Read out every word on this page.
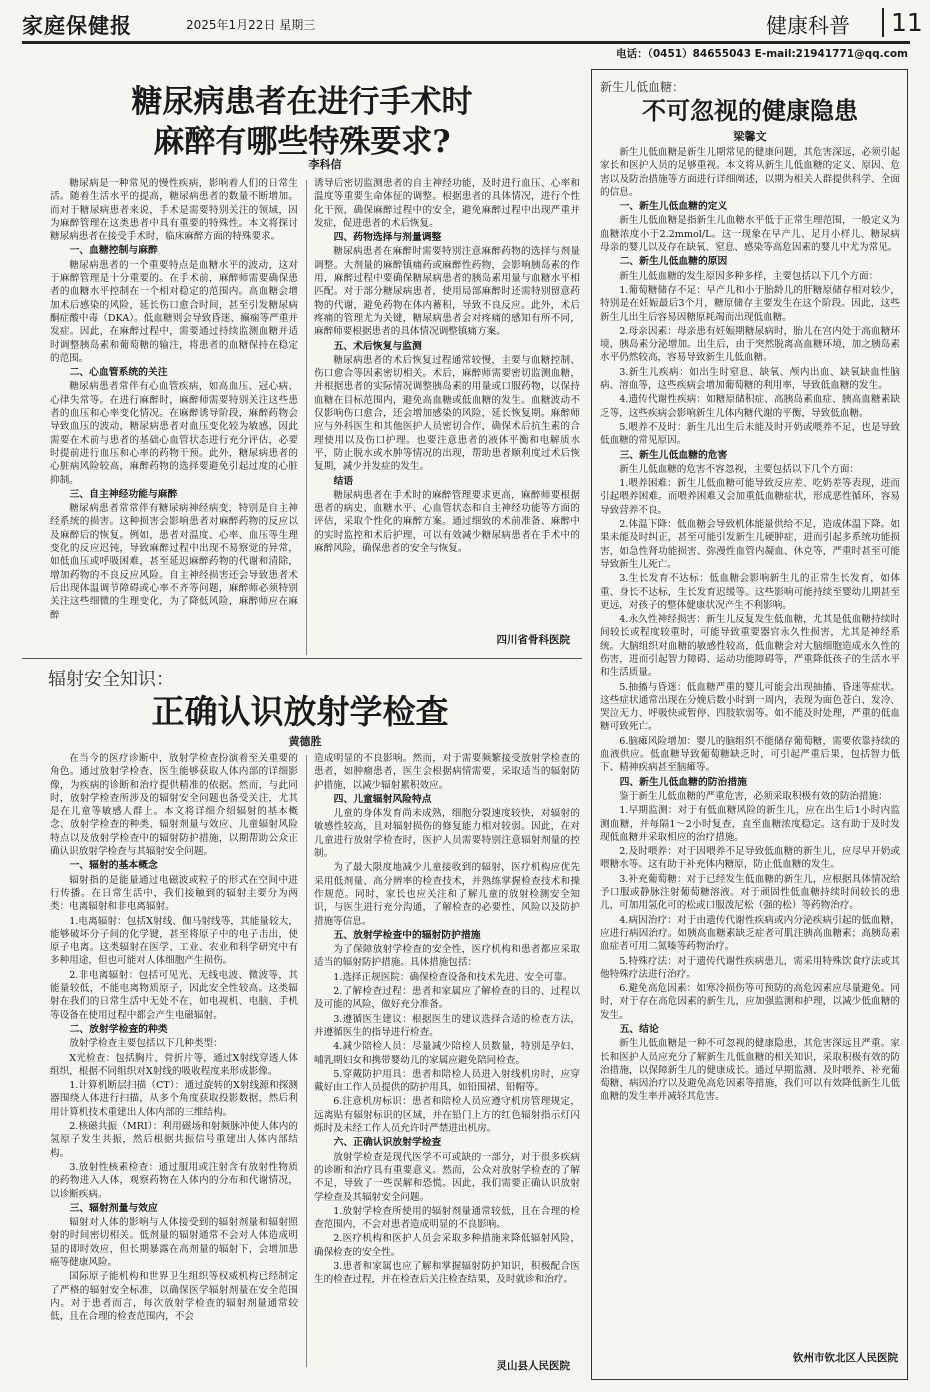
家庭保健报	2025年1月22日 星期三	健康科普	11
电话：（0451）84655043 E-mail:21941771@qq.com
糖尿病患者在进行手术时
麻醉有哪些特殊要求?
李科信

糖尿病是一种常见的慢性疾病，影响着人们的日常生活。随着生活水平的提高，糖尿病患者的数量不断增加。而对于糖尿病患者来说，手术是需要特别关注的领域，因为麻醉管理在这类患者中具有重要的特殊性。本文将探讨糖尿病患者在接受手术时，临床麻醉方面的特殊要求。

一、血糖控制与麻醉

糖尿病患者的一个重要特点是血糖水平的波动，这对于麻醉管理是十分重要的。在手术前，麻醉师需要确保患者的血糖水平控制在一个相对稳定的范围内。高血糖会增加术后感染的风险，延长伤口愈合时间，甚至引发糖尿病酮症酸中毒（DKA）。低血糖则会导致昏迷、癫痫等严重并发症。因此，在麻醉过程中，需要通过持续监测血糖并适时调整胰岛素和葡萄糖的输注，将患者的血糖保持在稳定的范围。

二、心血管系统的关注

糖尿病患者常伴有心血管疾病，如高血压、冠心病、心律失常等。在进行麻醉时，麻醉师需要特别关注这些患者的血压和心率变化情况。在麻醉诱导阶段，麻醉药物会导致血压的波动，糖尿病患者对血压变化较为敏感，因此需要在术前与患者的基础心血管状态进行充分评估，必要时提前进行血压和心率的药物干预。此外，糖尿病患者的心脏病风险较高，麻醉药物的选择要避免引起过度的心脏抑制。

三、自主神经功能与麻醉

糖尿病患者常常伴有糖尿病神经病变，特别是自主神经系统的损害。这种损害会影响患者对麻醉药物的反应以及麻醉后的恢复。例如，患者对温度、心率、血压等生理变化的反应迟钝，导致麻醉过程中出现不易察觉的异常，如低血压或呼吸困难，甚至延迟麻醉药物的代谢和清除，增加药物的不良反应风险。自主神经损害还会导致患者术后出现体温调节障碍或心率不齐等问题，麻醉师必须特别关注这些细微的生理变化，为了降低风险，麻醉师应在麻醉

诱导后密切监测患者的自主神经功能，及时进行血压、心率和温度等重要生命体征的调整。根据患者的具体情况，进行个性化干预，确保麻醉过程中的安全，避免麻醉过程中出现严重并发症，促进患者的术后恢复。

四、药物选择与剂量调整

糖尿病患者在麻醉时需要特别注意麻醉药物的选择与剂量调整。大剂量的麻醉镇痛药或麻醉性药物，会影响胰岛素的作用，麻醉过程中要确保糖尿病患者的胰岛素用量与血糖水平相匹配。对于部分糖尿病患者，使用局部麻醉时还需特别留意药物的代谢，避免药物在体内蓄积，导致不良反应。此外，术后疼痛的管理尤为关键，糖尿病患者会对疼痛的感知有所不同，麻醉师要根据患者的具体情况调整镇痛方案。

五、术后恢复与监测

糖尿病患者的术后恢复过程通常较慢，主要与血糖控制、伤口愈合等因素密切相关。术后，麻醉师需要密切监测血糖，并根据患者的实际情况调整胰岛素的用量或口服药物，以保持血糖在目标范围内，避免高血糖或低血糖的发生。血糖波动不仅影响伤口愈合，还会增加感染的风险，延长恢复期。麻醉师应与外科医生和其他医护人员密切合作，确保术后抗生素的合理使用以及伤口护理。也要注意患者的液体平衡和电解质水平，防止脱水或水肿等情况的出现，帮助患者顺利度过术后恢复期，减少并发症的发生。

结语

糖尿病患者在手术时的麻醉管理要求更高，麻醉师要根据患者的病史、血糖水平、心血管状态和自主神经功能等方面的评估，采取个性化的麻醉方案。通过细致的术前准备、麻醉中的实时监控和术后护理，可以有效减少糖尿病患者在手术中的麻醉风险，确保患者的安全与恢复。

四川省骨科医院
辐射安全知识：
正确认识放射学检查
黄德胜

在当今的医疗诊断中，放射学检查扮演着至关重要的角色。通过放射学检查，医生能够获取人体内部的详细影像，为疾病的诊断和治疗提供精准的依据。然而，与此同时，放射学检查所涉及的辐射安全问题也备受关注，尤其是在儿童等敏感人群上。本文将详细介绍辐射的基本概念、放射学检查的种类、辐射剂量与效应、儿童辐射风险特点以及放射学检查中的辐射防护措施，以期帮助公众正确认识放射学检查与其辐射安全问题。

一、辐射的基本概念

辐射指的是能量通过电磁波或粒子的形式在空间中进行传播。在日常生活中，我们接触到的辐射主要分为两类：电离辐射和非电离辐射。

1.电离辐射：包括X射线、伽马射线等，其能量较大，能够破坏分子间的化学键，甚至将原子中的电子击出，使原子电离。这类辐射在医学、工业、农业和科学研究中有多种用途，但也可能对人体细胞产生损伤。

2.非电离辐射：包括可见光、无线电波、微波等，其能量较低，不能电离物质原子，因此安全性较高。这类辐射在我们的日常生活中无处不在，如电视机、电脑、手机等设备在使用过程中都会产生电磁辐射。

二、放射学检查的种类

放射学检查主要包括以下几种类型：

X光检查：包括胸片、骨折片等，通过X射线穿透人体组织，根据不同组织对X射线的吸收程度来形成影像。

1.计算机断层扫描（CT）：通过旋转的X射线源和探测器围绕人体进行扫描，从多个角度获取投影数据，然后利用计算机技术重建出人体内部的三维结构。

2.核磁共振（MRI）：利用磁场和射频脉冲使人体内的氢原子发生共振，然后根据共振信号重建出人体内部结构。

3.放射性核素检查：通过服用或注射含有放射性物质的药物进入人体，观察药物在人体内的分布和代谢情况，以诊断疾病。

三、辐射剂量与效应

辐射对人体的影响与人体接受到的辐射剂量和辐射照射的时间密切相关。低剂量的辐射通常不会对人体造成明显的即时效应，但长期暴露在高剂量的辐射下，会增加患癌等健康风险。

国际原子能机构和世界卫生组织等权威机构已经制定了严格的辐射安全标准，以确保医学辐射剂量在安全范围内。对于患者而言，每次放射学检查的辐射剂量通常较低，且在合理的检查范围内，不会

造成明显的不良影响。然而，对于需要频繁接受放射学检查的患者，如肿瘤患者，医生会根据病情需要，采取适当的辐射防护措施，以减少辐射累积效应。

四、儿童辐射风险特点

儿童的身体发育尚未成熟，细胞分裂速度较快，对辐射的敏感性较高，且对辐射损伤的修复能力相对较弱。因此，在对儿童进行放射学检查时，医护人员需要特别注意辐射剂量的控制。

为了最大限度地减少儿童接收到的辐射，医疗机构应优先采用低剂量、高分辨率的检查技术，并熟练掌握检查技术和操作规范。同时，家长也应关注和了解儿童的放射检测安全知识，与医生进行充分沟通，了解检查的必要性、风险以及防护措施等信息。

五、放射学检查中的辐射防护措施

为了保障放射学检查的安全性，医疗机构和患者都应采取适当的辐射防护措施。具体措施包括：

1.选择正规医院：确保检查设备和技术先进、安全可靠。

2.了解检查过程：患者和家属应了解检查的目的、过程以及可能的风险，做好充分准备。

3.遵循医生建议：根据医生的建议选择合适的检查方法，并遵循医生的指导进行检查。

4.减少陪检人员：尽量减少陪检人员数量，特别是孕妇、哺乳期妇女和携带婴幼儿的家属应避免陪同检查。

5.穿戴防护用具：患者和陪检人员进入射线机房时，应穿戴好由工作人员提供的防护用具，如铅围裙、铅帽等。

6.注意机房标识：患者和陪检人员应遵守机房管理规定，远离贴有辐射标识的区域，并在铅门上方的红色辐射指示灯闪烁时及未经工作人员允许时严禁进出机房。

六、正确认识放射学检查

放射学检查是现代医学不可或缺的一部分，对于很多疾病的诊断和治疗具有重要意义。然而，公众对放射学检查的了解不足，导致了一些误解和恐慌。因此，我们需要正确认识放射学检查及其辐射安全问题。

1.放射学检查所使用的辐射剂量通常较低，且在合理的检查范围内，不会对患者造成明显的不良影响。

2.医疗机构和医护人员会采取多种措施来降低辐射风险，确保检查的安全性。

3.患者和家属也应了解和掌握辐射防护知识，积极配合医生的检查过程，并在检查后关注检查结果，及时就诊和治疗。

灵山县人民医院
新生儿低血糖：
不可忽视的健康隐患
梁馨文

新生儿低血糖是新生儿期常见的健康问题，其危害深远，必须引起家长和医护人员的足够重视。本文将从新生儿低血糖的定义、原因、危害以及防治措施等方面进行详细阐述，以期为相关人群提供科学、全面的信息。

一、新生儿低血糖的定义

新生儿低血糖是指新生儿血糖水平低于正常生理范围，一般定义为血糖浓度小于2.2mmol/L。这一现象在早产儿、足月小样儿、糖尿病母亲的婴儿以及存在缺氧、窒息、感染等高危因素的婴儿中尤为常见。

二、新生儿低血糖的原因

新生儿低血糖的发生原因多种多样，主要包括以下几个方面：

1.葡萄糖储存不足：早产儿和小于胎龄儿的肝糖原储存相对较少，特别是在妊娠最后3个月，糖原储存主要发生在这个阶段。因此，这些新生儿出生后容易因糖原耗竭而出现低血糖。

2.母亲因素：母亲患有妊娠期糖尿病时，胎儿在宫内处于高血糖环境，胰岛素分泌增加。出生后，由于突然脱离高血糖环境，加之胰岛素水平仍然较高，容易导致新生儿低血糖。

3.新生儿疾病：如出生时窒息、缺氧、颅内出血、缺氧缺血性脑病、溶血等，这些疾病会增加葡萄糖的利用率，导致低血糖的发生。

4.遗传代谢性疾病：如糖原储积症、高胰岛素血症、胰高血糖素缺乏等，这些疾病会影响新生儿体内糖代谢的平衡，导致低血糖。

5.喂养不及时：新生儿出生后未能及时开奶或喂养不足，也是导致低血糖的常见原因。

三、新生儿低血糖的危害

新生儿低血糖的危害不容忽视，主要包括以下几个方面：

1.喂养困难：新生儿低血糖可能导致反应差、吃奶差等表现，进而引起喂养困难。而喂养困难又会加重低血糖症状，形成恶性循环，容易导致营养不良。

2.体温下降：低血糖会导致机体能量供给不足，造成体温下降。如果未能及时纠正，甚至可能引发新生儿硬肿症，进而引起多系统功能损害，如急性肾功能损害、弥漫性血管内凝血、休克等，严重时甚至可能导致新生儿死亡。

3.生长发育不达标：低血糖会影响新生儿的正常生长发育，如体重、身长不达标，生长发育迟缓等。这些影响可能持续至婴幼儿期甚至更远，对孩子的整体健康状况产生不利影响。

4.永久性神经损害：新生儿反复发生低血糖，尤其是低血糖持续时间较长或程度较重时，可能导致重要器官永久性损害，尤其是神经系统。大脑组织对血糖的敏感性较高，低血糖会对大脑细胞造成永久性的伤害，进而引起智力障碍、运动功能障碍等，严重降低孩子的生活水平和生活质量。

5.抽搐与昏迷：低血糖严重的婴儿可能会出现抽搐、昏迷等症状。这些症状通常出现在分娩后数小时到一周内，表现为面色苍白、发冷、哭泣无力、呼吸快或暂停、四肢软弱等。如不能及时处理，严重的低血糖可致死亡。

6.脑瘫风险增加：婴儿的脑组织不能储存葡萄糖，需要依靠持续的血液供应。低血糖导致葡萄糖缺乏时，可引起严重后果，包括智力低下、精神疾病甚至脑瘫等。

四、新生儿低血糖的防治措施

鉴于新生儿低血糖的严重危害，必须采取积极有效的防治措施：

1.早期监测：对于有低血糖风险的新生儿，应在出生后1小时内监测血糖，并每隔1～2小时复查，直至血糖浓度稳定。这有助于及时发现低血糖并采取相应的治疗措施。

2.及时喂养：对于因喂养不足导致低血糖的新生儿，应尽早开奶或喂糖水等。这有助于补充体内糖原，防止低血糖的发生。

3.补充葡萄糖：对于已经发生低血糖的新生儿，应根据具体情况给予口服或静脉注射葡萄糖溶液。对于顽固性低血糖持续时间较长的患儿，可加用氢化可的松或口服泼尼松（强的松）等药物治疗。

4.病因治疗：对于由遗传代谢性疾病或内分泌疾病引起的低血糖，应进行病因治疗。如胰高血糖素缺乏症者可肌注胰高血糖素；高胰岛素血症者可用二氮嗪等药物治疗。

5.特殊疗法：对于遗传代谢性疾病患儿，需采用特殊饮食疗法或其他特殊疗法进行治疗。

6.避免高危因素：如寒冷损伤等可预防的高危因素应尽量避免。同时，对于存在高危因素的新生儿，应加强监测和护理，以减少低血糖的发生。

五、结论

新生儿低血糖是一种不可忽视的健康隐患，其危害深远且严重。家长和医护人员应充分了解新生儿低血糖的相关知识，采取积极有效的防治措施，以保障新生儿的健康成长。通过早期监测、及时喂养、补充葡萄糖、病因治疗以及避免高危因素等措施，我们可以有效降低新生儿低血糖的发生率并减轻其危害。

钦州市钦北区人民医院
